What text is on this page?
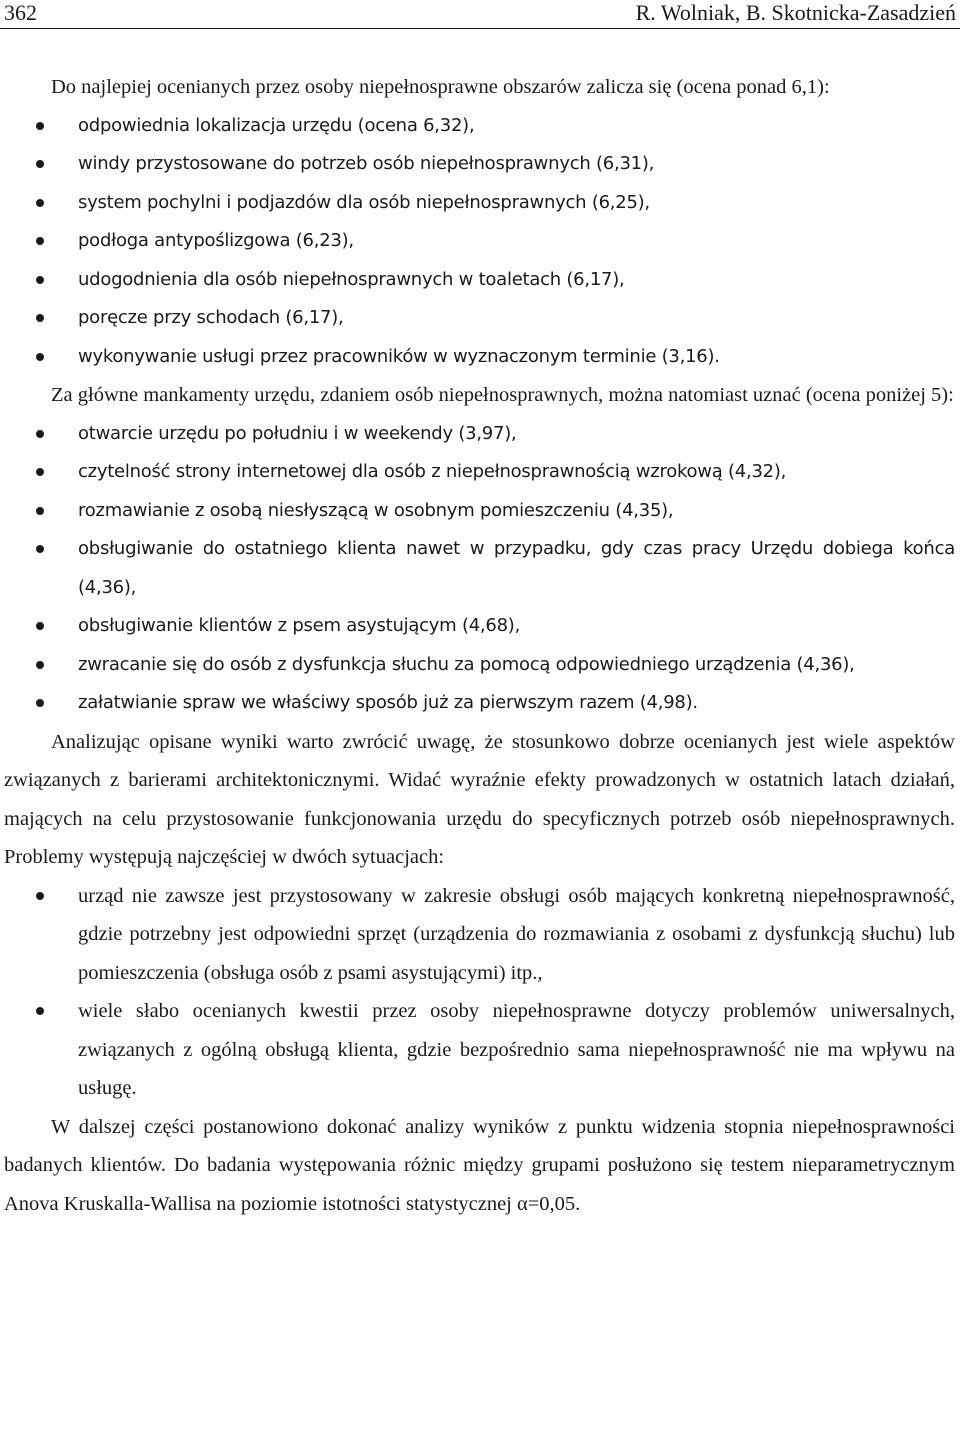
362	R. Wolniak, B. Skotnicka-Zasadzień

Do najlepiej ocenianych przez osoby niepełnosprawne obszarów zalicza się (ocena ponad 6,1):

odpowiednia lokalizacja urzędu (ocena 6,32),
windy przystosowane do potrzeb osób niepełnosprawnych (6,31),
system pochylni i podjazdów dla osób niepełnosprawnych (6,25),
podłoga antypoślizgowa (6,23),
udogodnienia dla osób niepełnosprawnych w toaletach (6,17),
poręcze przy schodach (6,17),
wykonywanie usługi przez pracowników w wyznaczonym terminie (3,16).

Za główne mankamenty urzędu, zdaniem osób niepełnosprawnych, można natomiast uznać (ocena poniżej 5):

otwarcie urzędu po południu i w weekendy (3,97),
czytelność strony internetowej dla osób z niepełnosprawnością wzrokową (4,32),
rozmawianie z osobą niesłyszącą w osobnym pomieszczeniu (4,35),
obsługiwanie do ostatniego klienta nawet w przypadku, gdy czas pracy Urzędu dobiega końca (4,36),
obsługiwanie klientów z psem asystującym (4,68),
zwracanie się do osób z dysfunkcja słuchu za pomocą odpowiedniego urządzenia (4,36),
załatwianie spraw we właściwy sposób już za pierwszym razem (4,98).

Analizując opisane wyniki warto zwrócić uwagę, że stosunkowo dobrze ocenianych jest wiele aspektów związanych z barierami architektonicznymi. Widać wyraźnie efekty prowadzonych w ostatnich latach działań, mających na celu przystosowanie funkcjonowania urzędu do specyficznych potrzeb osób niepełnosprawnych. Problemy występują najczęściej w dwóch sytuacjach:

urząd nie zawsze jest przystosowany w zakresie obsługi osób mających konkretną niepełnosprawność, gdzie potrzebny jest odpowiedni sprzęt (urządzenia do rozmawiania z osobami z dysfunkcją słuchu) lub pomieszczenia (obsługa osób z psami asystującymi) itp.,
wiele słabo ocenianych kwestii przez osoby niepełnosprawne dotyczy problemów uniwersalnych, związanych z ogólną obsługą klienta, gdzie bezpośrednio sama niepełnosprawność nie ma wpływu na usługę.

W dalszej części postanowiono dokonać analizy wyników z punktu widzenia stopnia niepełnosprawności badanych klientów. Do badania występowania różnic między grupami posłużono się testem nieparametrycznym Anova Kruskalla-Wallisa na poziomie istotności statystycznej α=0,05.
